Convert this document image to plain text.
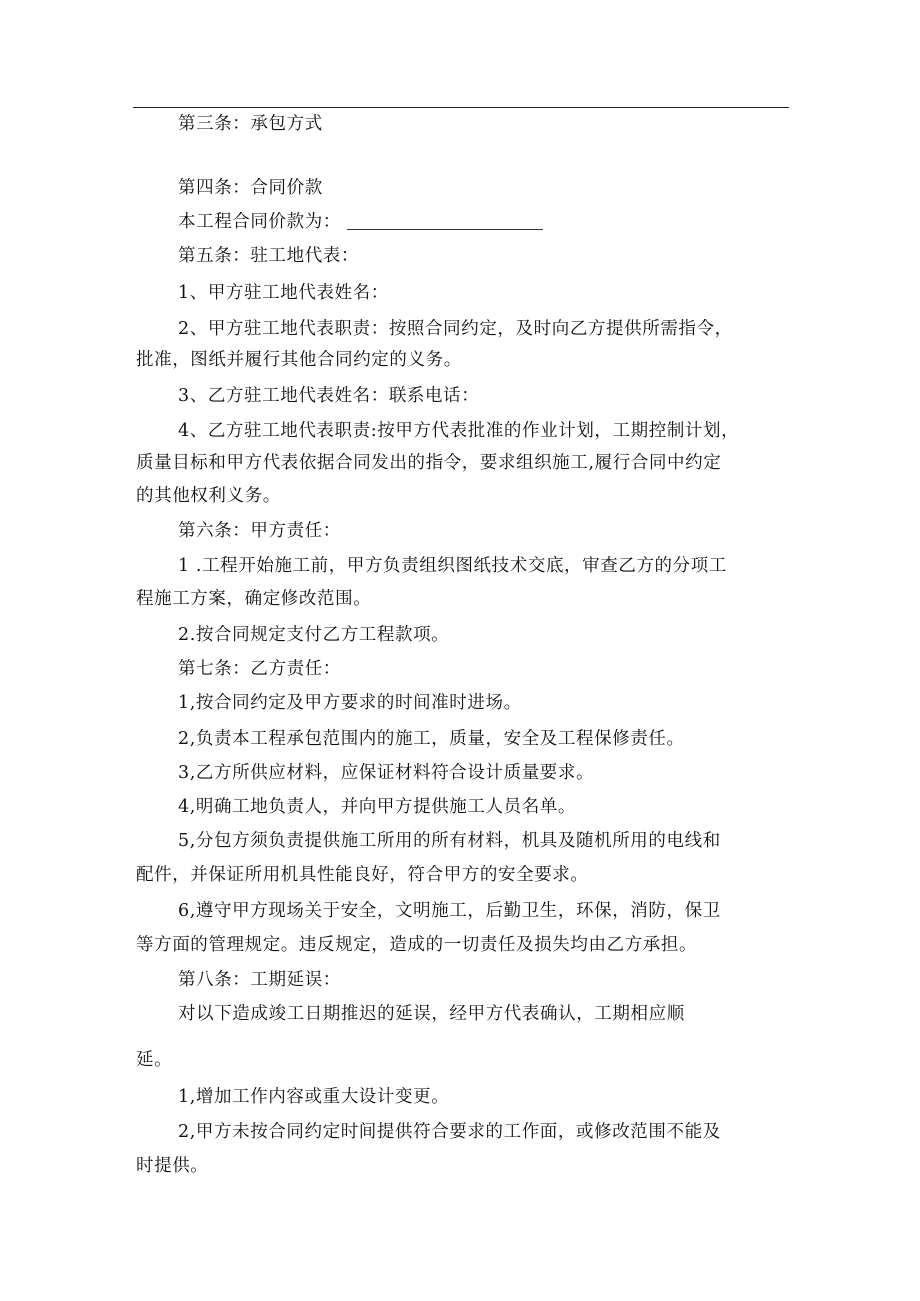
第三条：承包方式
第四条：合同价款
本工程合同价款为：
第五条：驻工地代表：
1、甲方驻工地代表姓名：
2、甲方驻工地代表职责：按照合同约定，及时向乙方提供所需指令，
批准，图纸并履行其他合同约定的义务。
3、乙方驻工地代表姓名：联系电话：
4、乙方驻工地代表职责:按甲方代表批准的作业计划，工期控制计划，
质量目标和甲方代表依据合同发出的指令，要求组织施工,履行合同中约定
的其他权利义务。
第六条：甲方责任：
1 .工程开始施工前，甲方负责组织图纸技术交底，审查乙方的分项工
程施工方案，确定修改范围。
2.按合同规定支付乙方工程款项。
第七条：乙方责任：
1,按合同约定及甲方要求的时间准时进场。
2,负责本工程承包范围内的施工，质量，安全及工程保修责任。
3,乙方所供应材料，应保证材料符合设计质量要求。
4,明确工地负责人，并向甲方提供施工人员名单。
5,分包方须负责提供施工所用的所有材料，机具及随机所用的电线和
配件，并保证所用机具性能良好，符合甲方的安全要求。
6,遵守甲方现场关于安全，文明施工，后勤卫生，环保，消防，保卫
等方面的管理规定。违反规定，造成的一切责任及损失均由乙方承担。
第八条：工期延误：
对以下造成竣工日期推迟的延误，经甲方代表确认，工期相应顺
延。
1,增加工作内容或重大设计变更。
2,甲方未按合同约定时间提供符合要求的工作面，或修改范围不能及
时提供。
